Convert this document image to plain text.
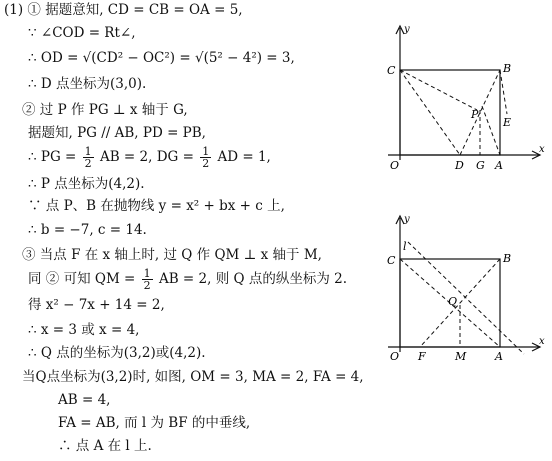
(1) ① 据题意知, CD = CB = OA = 5,
∵ ∠COD = Rt∠,
∴ OD = √(CD² − OC²) = √(5² − 4²) = 3,
∴ D 点坐标为(3,0).
② 过 P 作 PG ⊥ x 轴于 G,
据题知, PG // AB, PD = PB,
∴ PG = $\frac{1}{2}$ AB = 2, DG = $\frac{1}{2}$ AD = 1,
∴ P 点坐标为(4,2).
∵ 点 P、B 在抛物线 y = x² + bx + c 上,
∴ b = −7, c = 14.
③ 当点 F 在 x 轴上时, 过 Q 作 QM ⊥ x 轴于 M,
同 ② 可知 QM = $\frac{1}{2}$ AB = 2, 则 Q 点的纵坐标为 2.
得 x² − 7x + 14 = 2,
∴ x = 3 或 x = 4,
∴ Q 点的坐标为(3,2)或(4,2).
当Q点坐标为(3,2)时, 如图, OM = 3, MA = 2, FA = 4,
AB = 4,
FA = AB, 而 l 为 BF 的中垂线,
∴ 点 A 在 l 上.
y
x
C	B
P
E
O	D G A
y
x
l
C	B
Q
O F	M	A
